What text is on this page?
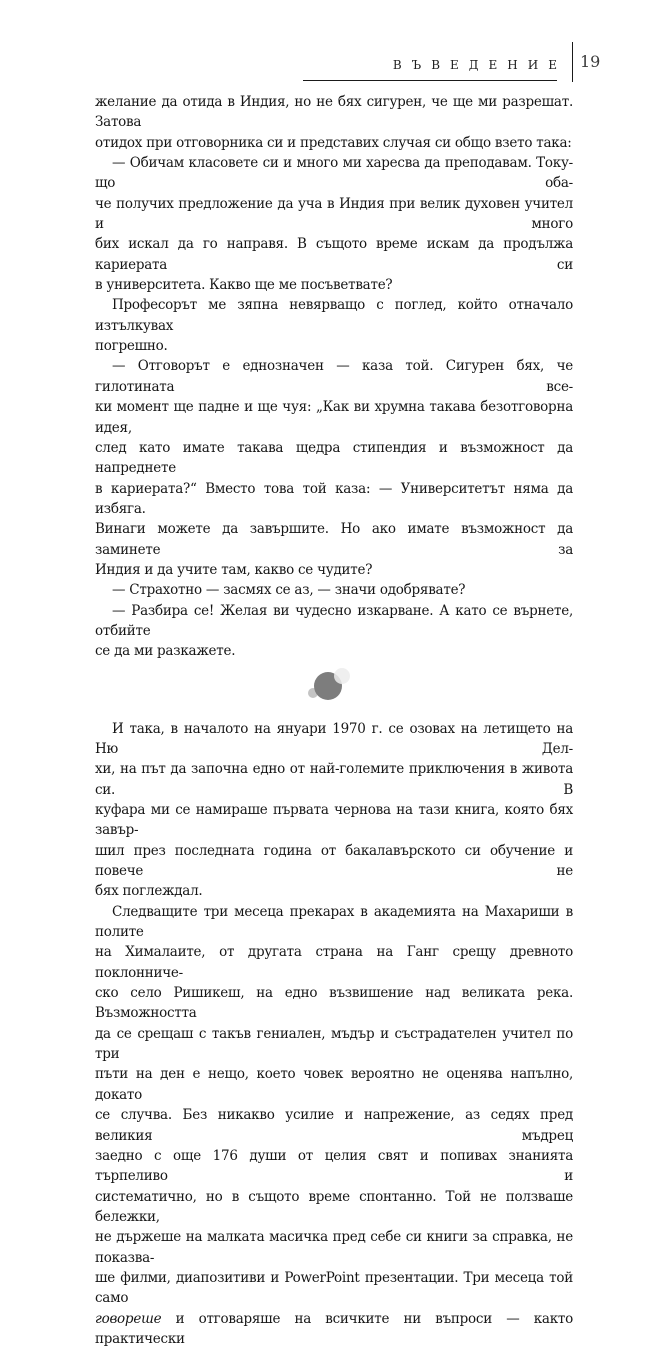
ВЪВЕДЕНИЕ 19
желание да отида в Индия, но не бях сигурен, че ще ми разрешат. Затова
отидох при отговорника си и представих случая си общо взето така:
— Обичам класовете си и много ми харесва да преподавам. Току-що оба-
че получих предложение да уча в Индия при велик духовен учител и много
бих искал да го направя. В същото време искам да продължа кариерата си
в университета. Какво ще ме посъветвате?
Професорът ме зяпна невярващо с поглед, който отначало изтълкувах
погрешно.
— Отговорът е еднозначен — каза той. Сигурен бях, че гилотината все-
ки момент ще падне и ще чуя: „Как ви хрумна такава безотговорна идея,
след като имате такава щедра стипендия и възможност да напреднете
в кариерата?“ Вместо това той каза: — Университетът няма да избяга.
Винаги можете да завършите. Но ако имате възможност да заминете за
Индия и да учите там, какво се чудите?
— Страхотно — засмях се аз, — значи одобрявате?
— Разбира се! Желая ви чудесно изкарване. А като се върнете, отбийте
се да ми разкажете.
И така, в началото на януари 1970 г. се озовах на летището на Ню Дел-
хи, на път да започна едно от най-големите приключения в живота си. В
куфара ми се намираше първата чернова на тази книга, която бях завър-
шил през последната година от бакалавърското си обучение и повече не
бях поглеждал.
Следващите три месеца прекарах в академията на Махариши в полите
на Хималаите, от другата страна на Ганг срещу древното поклонниче-
ско село Ришикеш, на едно възвишение над великата река. Възможността
да се срещаш с такъв гениален, мъдър и състрадателен учител по три
пъти на ден е нещо, което човек вероятно не оценява напълно, докато
се случва. Без никакво усилие и напрежение, аз седях пред великия мъдрец
заедно с още 176 души от целия свят и попивах знанията търпеливо и
систематично, но в същото време спонтанно. Той не ползваше бележки,
не държеше на малката масичка пред себе си книги за справка, не показва-
ше филми, диапозитиви и PowerPoint презентации. Три месеца той само
говореше и отговаряше на всичките ни въпроси — както практически
